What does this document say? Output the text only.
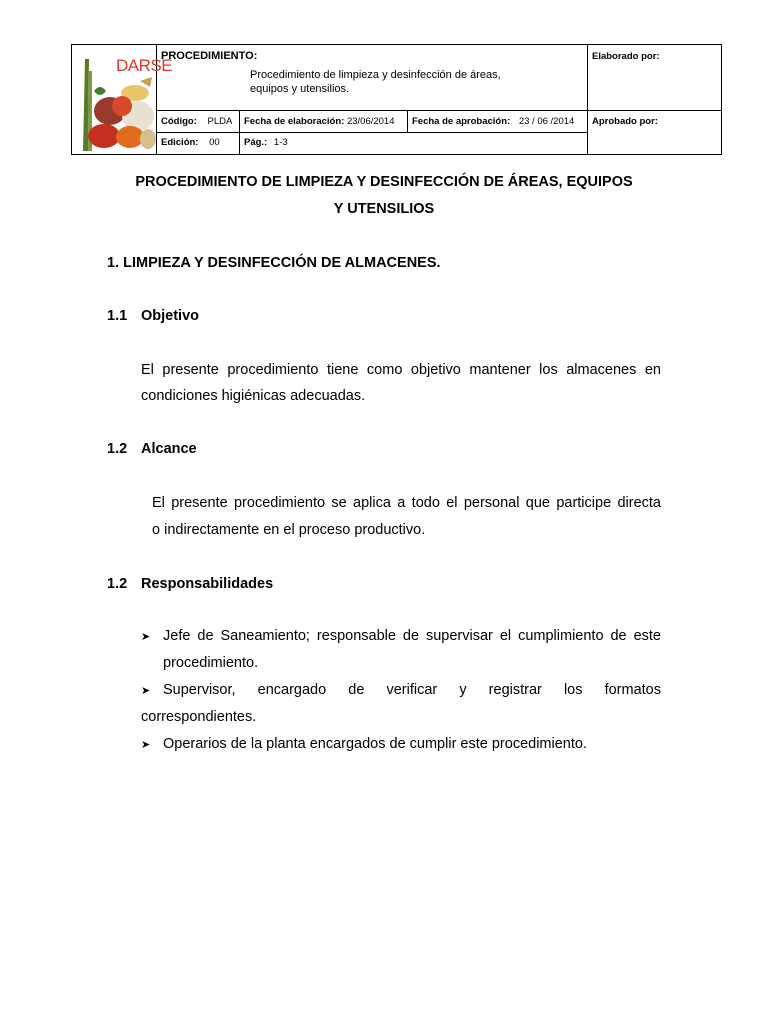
DARSE
PROCEDIMIENTO:
Procedimiento de limpieza y desinfección de áreas,
equipos y utensilios.
Elaborado por:
Código: PLDA Fecha de elaboración: 23/06/2014 Fecha de aprobación: 23 / 06 /2014 Aprobado por:
Edición: 00	Pág.: 1-3
PROCEDIMIENTO DE LIMPIEZA Y DESINFECCIÓN DE ÁREAS, EQUIPOS
Y UTENSILIOS
1. LIMPIEZA Y DESINFECCIÓN DE ALMACENES.
1.1 Objetivo
El presente procedimiento tiene como objetivo mantener los almacenes en
condiciones higiénicas adecuadas.
1.2 Alcance
El presente procedimiento se aplica a todo el personal que participe directa
o indirectamente en el proceso productivo.
1.2 Responsabilidades
➤ Jefe de Saneamiento; responsable de supervisar el cumplimiento de este
procedimiento.
➤ Supervisor, encargado de verificar y registrar los formatos
correspondientes.
➤ Operarios de la planta encargados de cumplir este procedimiento.
